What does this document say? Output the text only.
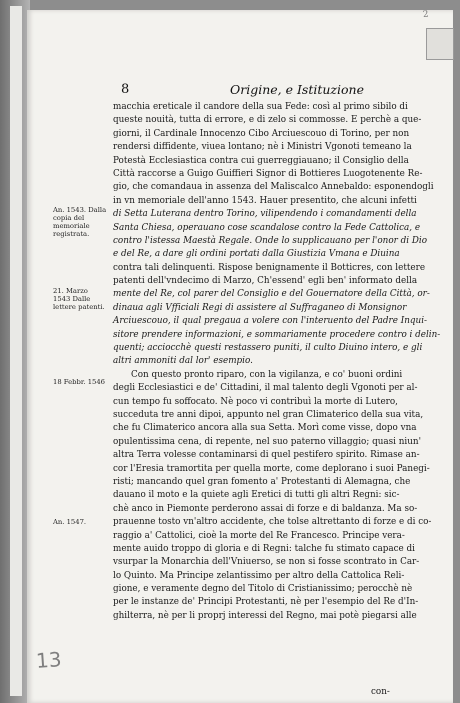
2
8	Origine, e Istituzione
An. 1543. Dalla copia del memoriale registrata.
21. Marzo 1543 Dalle lettere patenti.
18 Febbr. 1546
An. 1547.
macchia ereticale il candore della sua Fede: così al primo sibilo di
queste nouità, tutta di errore, e di zelo si commosse. E perchè a que-
giorni, il Cardinale Innocenzo Cibo Arciuescouo di Torino, per non
rendersi diffidente, viuea lontano; nè i Ministri Vgonoti temeano la
Potestà Ecclesiastica contra cui guerreggiauano; il Consiglio della
Città raccorse a Guigo Guiffieri Signor di Bottieres Luogotenente Re-
gio, che comandaua in assenza del Maliscalco Annebaldo: esponendogli
in vn memoriale dell'anno 1543. Hauer presentito, che alcuni infetti
di Setta Luterana dentro Torino, vilipendendo i comandamenti della
Santa Chiesa, operauano cose scandalose contro la Fede Cattolica, e
contro l'istessa Maestà Regale. Onde lo supplicauano per l'onor di Dio
e del Re, a dare gli ordini portati dalla Giustizia Vmana e Diuina
contra tali delinquenti. Rispose benignamente il Botticres, con lettere
patenti dell'vndecimo di Marzo, Ch'essend' egli ben' informato della
mente del Re, col parer del Consiglio e del Gouernatore della Città, or-
dinaua agli Vfficiali Regi di assistere al Suffraganeo di Monsignor
Arciuescouo, il qual pregaua a volere con l'interuento del Padre Inqui-
sitore prendere informazioni, e sommariamente procedere contro i delin-
quenti; acciocchè questi restassero puniti, il culto Diuino intero, e gli
altri ammoniti dal lor' esempio.
Con questo pronto riparo, con la vigilanza, e co' buoni ordini
degli Ecclesiastici e de' Cittadini, il mal talento degli Vgonoti per al-
cun tempo fu soffocato. Nè poco vi contribuì la morte di Lutero,
succeduta tre anni dipoi, appunto nel gran Climaterico della sua vita,
che fu Climaterico ancora alla sua Setta. Morì come visse, dopo vna
opulentissima cena, di repente, nel suo paterno villaggio; quasi niun'
altra Terra volesse contaminarsi di quel pestifero spirito. Rimase an-
cor l'Eresia tramortita per quella morte, come deplorano i suoi Panegi-
risti; mancando quel gran fomento a' Protestanti di Alemagna, che
dauano il moto e la quiete agli Eretici di tutti gli altri Regni: sic-
chè anco in Piemonte perderono assai di forze e di baldanza. Ma so-
prauenne tosto vn'altro accidente, che tolse altrettanto di forze e di co-
raggio a' Cattolici, cioè la morte del Re Francesco. Principe vera-
mente auido troppo di gloria e di Regni: talche fu stimato capace di
vsurpar la Monarchia dell'Vniuerso, se non si fosse scontrato in Car-
lo Quinto. Ma Principe zelantissimo per altro della Cattolica Reli-
gione, e veramente degno del Titolo di Cristianissimo; perocchè nè
per le instanze de' Principi Protestanti, nè per l'esempio del Re d'In-
ghilterra, nè per li proprj interessi del Regno, mai potè piegarsi alle
con-
13
